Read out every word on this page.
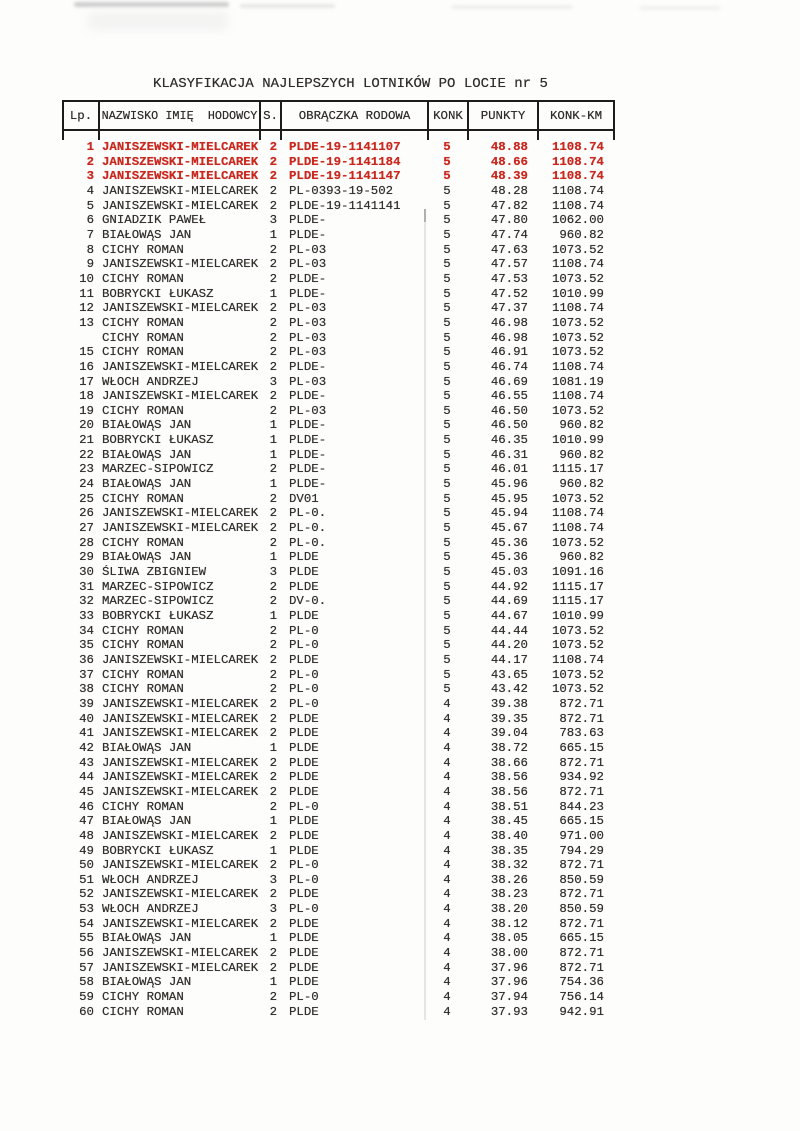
KLASYFIKACJA NAJLEPSZYCH LOTNIKÓW PO LOCIE nr 5
Lp. NAZWISKO IMIĘ  HODOWCY S.	OBRĄCZKA RODOWA	KONK	PUNKTY	KONK-KM
1 JANISZEWSKI-MIELCAREK 2 PLDE-19-1141107	5	48.88	1108.74
2 JANISZEWSKI-MIELCAREK 2 PLDE-19-1141184	5	48.66	1108.74
3 JANISZEWSKI-MIELCAREK 2 PLDE-19-1141147	5	48.39	1108.74
4 JANISZEWSKI-MIELCAREK 2 PL-0393-19-502	5	48.28	1108.74
5 JANISZEWSKI-MIELCAREK 2 PLDE-19-1141141	5	47.82	1108.74
6 GNIADZIK PAWEŁ	3 PLDE-	5	47.80	1062.00
7 BIAŁOWĄS JAN	1 PLDE-	5	47.74	960.82
8 CICHY ROMAN	2 PL-03	5	47.63	1073.52
9 JANISZEWSKI-MIELCAREK 2 PL-03	5	47.57	1108.74
10 CICHY ROMAN	2 PLDE-	5	47.53	1073.52
11 BOBRYCKI ŁUKASZ	1 PLDE-	5	47.52	1010.99
12 JANISZEWSKI-MIELCAREK 2 PL-03	5	47.37	1108.74
13 CICHY ROMAN	2 PL-03	5	46.98	1073.52
CICHY ROMAN	2 PL-03	5	46.98	1073.52
15 CICHY ROMAN	2 PL-03	5	46.91	1073.52
16 JANISZEWSKI-MIELCAREK 2 PLDE-	5	46.74	1108.74
17 WŁOCH ANDRZEJ	3 PL-03	5	46.69	1081.19
18 JANISZEWSKI-MIELCAREK 2 PLDE-	5	46.55	1108.74
19 CICHY ROMAN	2 PL-03	5	46.50	1073.52
20 BIAŁOWĄS JAN	1 PLDE-	5	46.50	960.82
21 BOBRYCKI ŁUKASZ	1 PLDE-	5	46.35	1010.99
22 BIAŁOWĄS JAN	1 PLDE-	5	46.31	960.82
23 MARZEC-SIPOWICZ	2 PLDE-	5	46.01	1115.17
24 BIAŁOWĄS JAN	1 PLDE-	5	45.96	960.82
25 CICHY ROMAN	2 DV01	5	45.95	1073.52
26 JANISZEWSKI-MIELCAREK 2 PL-0.	5	45.94	1108.74
27 JANISZEWSKI-MIELCAREK 2 PL-0.	5	45.67	1108.74
28 CICHY ROMAN	2 PL-0.	5	45.36	1073.52
29 BIAŁOWĄS JAN	1 PLDE	5	45.36	960.82
30 ŚLIWA ZBIGNIEW	3 PLDE	5	45.03	1091.16
31 MARZEC-SIPOWICZ	2 PLDE	5	44.92	1115.17
32 MARZEC-SIPOWICZ	2 DV-0.	5	44.69	1115.17
33 BOBRYCKI ŁUKASZ	1 PLDE	5	44.67	1010.99
34 CICHY ROMAN	2 PL-0	5	44.44	1073.52
35 CICHY ROMAN	2 PL-0	5	44.20	1073.52
36 JANISZEWSKI-MIELCAREK 2 PLDE	5	44.17	1108.74
37 CICHY ROMAN	2 PL-0	5	43.65	1073.52
38 CICHY ROMAN	2 PL-0	5	43.42	1073.52
39 JANISZEWSKI-MIELCAREK 2 PL-0	4	39.38	872.71
40 JANISZEWSKI-MIELCAREK 2 PLDE	4	39.35	872.71
41 JANISZEWSKI-MIELCAREK 2 PLDE	4	39.04	783.63
42 BIAŁOWĄS JAN	1 PLDE	4	38.72	665.15
43 JANISZEWSKI-MIELCAREK 2 PLDE	4	38.66	872.71
44 JANISZEWSKI-MIELCAREK 2 PLDE	4	38.56	934.92
45 JANISZEWSKI-MIELCAREK 2 PLDE	4	38.56	872.71
46 CICHY ROMAN	2 PL-0	4	38.51	844.23
47 BIAŁOWĄS JAN	1 PLDE	4	38.45	665.15
48 JANISZEWSKI-MIELCAREK 2 PLDE	4	38.40	971.00
49 BOBRYCKI ŁUKASZ	1 PLDE	4	38.35	794.29
50 JANISZEWSKI-MIELCAREK 2 PL-0	4	38.32	872.71
51 WŁOCH ANDRZEJ	3 PL-0	4	38.26	850.59
52 JANISZEWSKI-MIELCAREK 2 PLDE	4	38.23	872.71
53 WŁOCH ANDRZEJ	3 PL-0	4	38.20	850.59
54 JANISZEWSKI-MIELCAREK 2 PLDE	4	38.12	872.71
55 BIAŁOWĄS JAN	1 PLDE	4	38.05	665.15
56 JANISZEWSKI-MIELCAREK 2 PLDE	4	38.00	872.71
57 JANISZEWSKI-MIELCAREK 2 PLDE	4	37.96	872.71
58 BIAŁOWĄS JAN	1 PLDE	4	37.96	754.36
59 CICHY ROMAN	2 PL-0	4	37.94	756.14
60 CICHY ROMAN	2 PLDE	4	37.93	942.91
